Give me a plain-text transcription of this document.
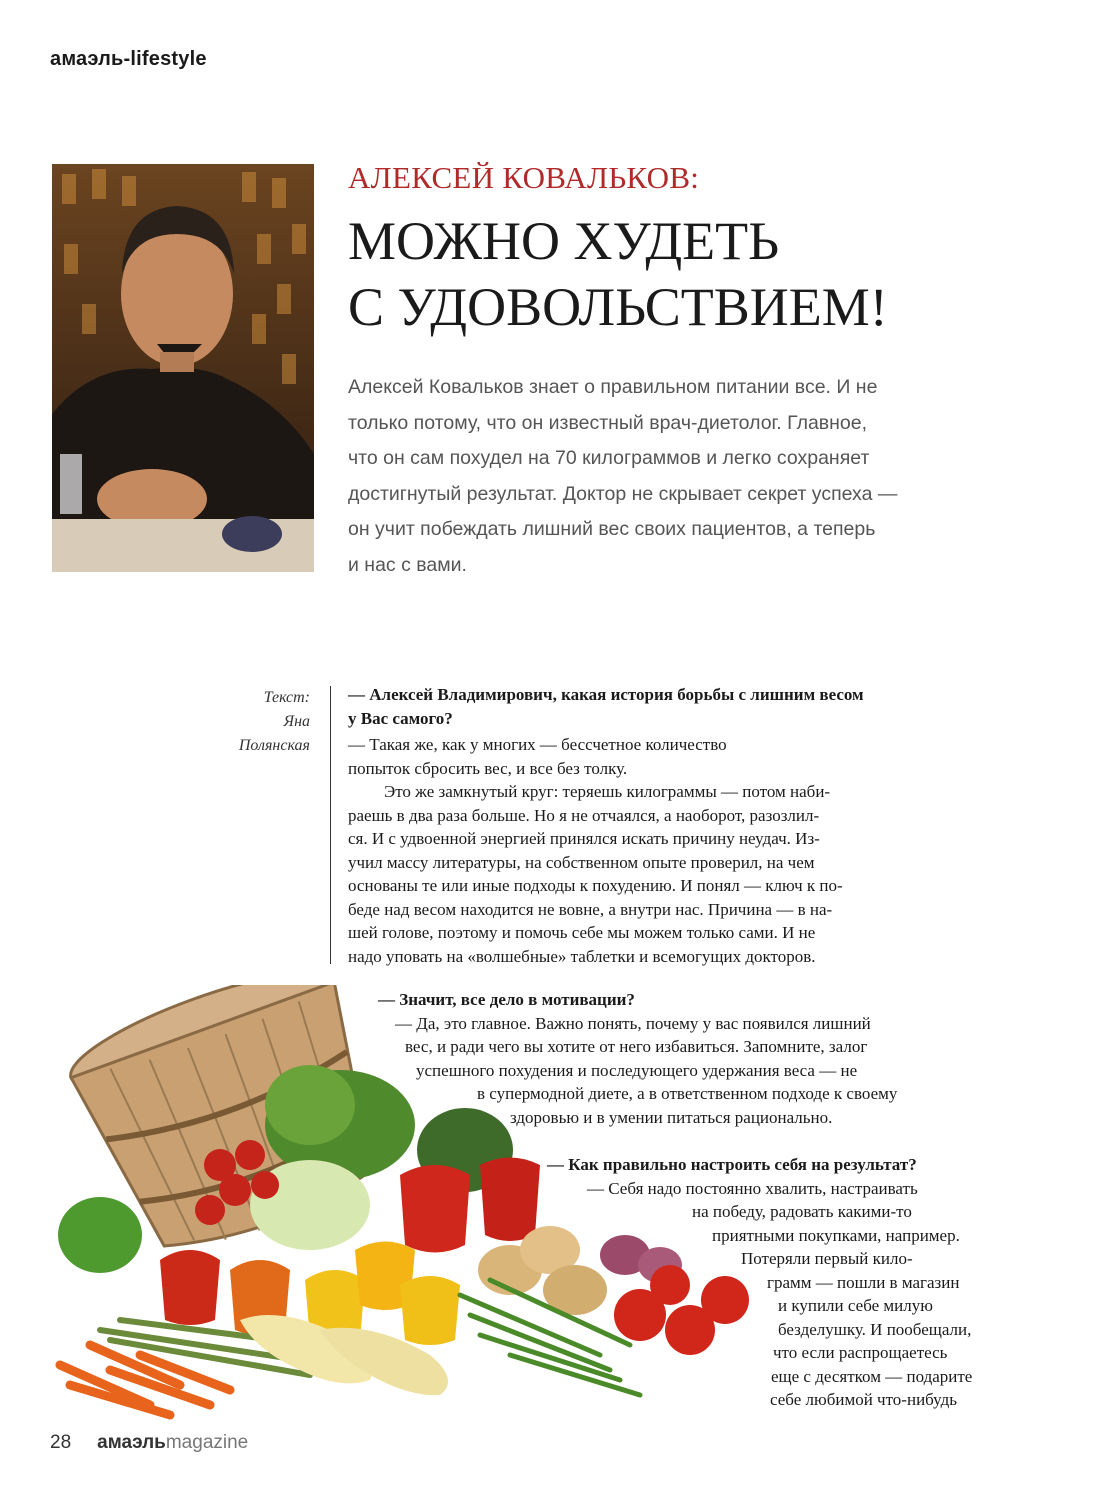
амаэль-lifestyle
АЛЕКСЕЙ КОВАЛЬКОВ:
МОЖНО ХУДЕТЬ
С УДОВОЛЬСТВИЕМ!
Алексей Ковальков знает о правильном питании все. И не
только потому, что он известный врач-диетолог. Главное,
что он сам похудел на 70 килограммов и легко сохраняет
достигнутый результат. Доктор не скрывает секрет успеха —
он учит побеждать лишний вес своих пациентов, а теперь
и нас с вами.
Текст:
Яна
Полянская
— Алексей Владимирович, какая история борьбы с лишним весом
у Вас самого?
— Такая же, как у многих — бессчетное количество
попыток сбросить вес, и все без толку.
Это же замкнутый круг: теряешь килограммы — потом наби-
раешь в два раза больше. Но я не отчаялся, а наоборот, разозлил-
ся. И с удвоенной энергией принялся искать причину неудач. Из-
учил массу литературы, на собственном опыте проверил, на чем
основаны те или иные подходы к похудению. И понял — ключ к по-
беде над весом находится не вовне, а внутри нас. Причина — в на-
шей голове, поэтому и помочь себе мы можем только сами. И не
надо уповать на «волшебные» таблетки и всемогущих докторов.
— Значит, все дело в мотивации?
— Да, это главное. Важно понять, почему у вас появился лишний
вес, и ради чего вы хотите от него избавиться. Запомните, залог
успешного похудения и последующего удержания веса — не
в супермодной диете, а в ответственном подходе к своему
здоровью и в умении питаться рационально.
— Как правильно настроить себя на результат?
— Себя надо постоянно хвалить, настраивать
на победу, радовать какими-то
приятными покупками, например.
Потеряли первый кило-
грамм — пошли в магазин
и купили себе милую
безделушку. И пообещали,
что если распрощаетесь
еще с десятком — подарите
себе любимой что-нибудь
28 амаэльmagazine
